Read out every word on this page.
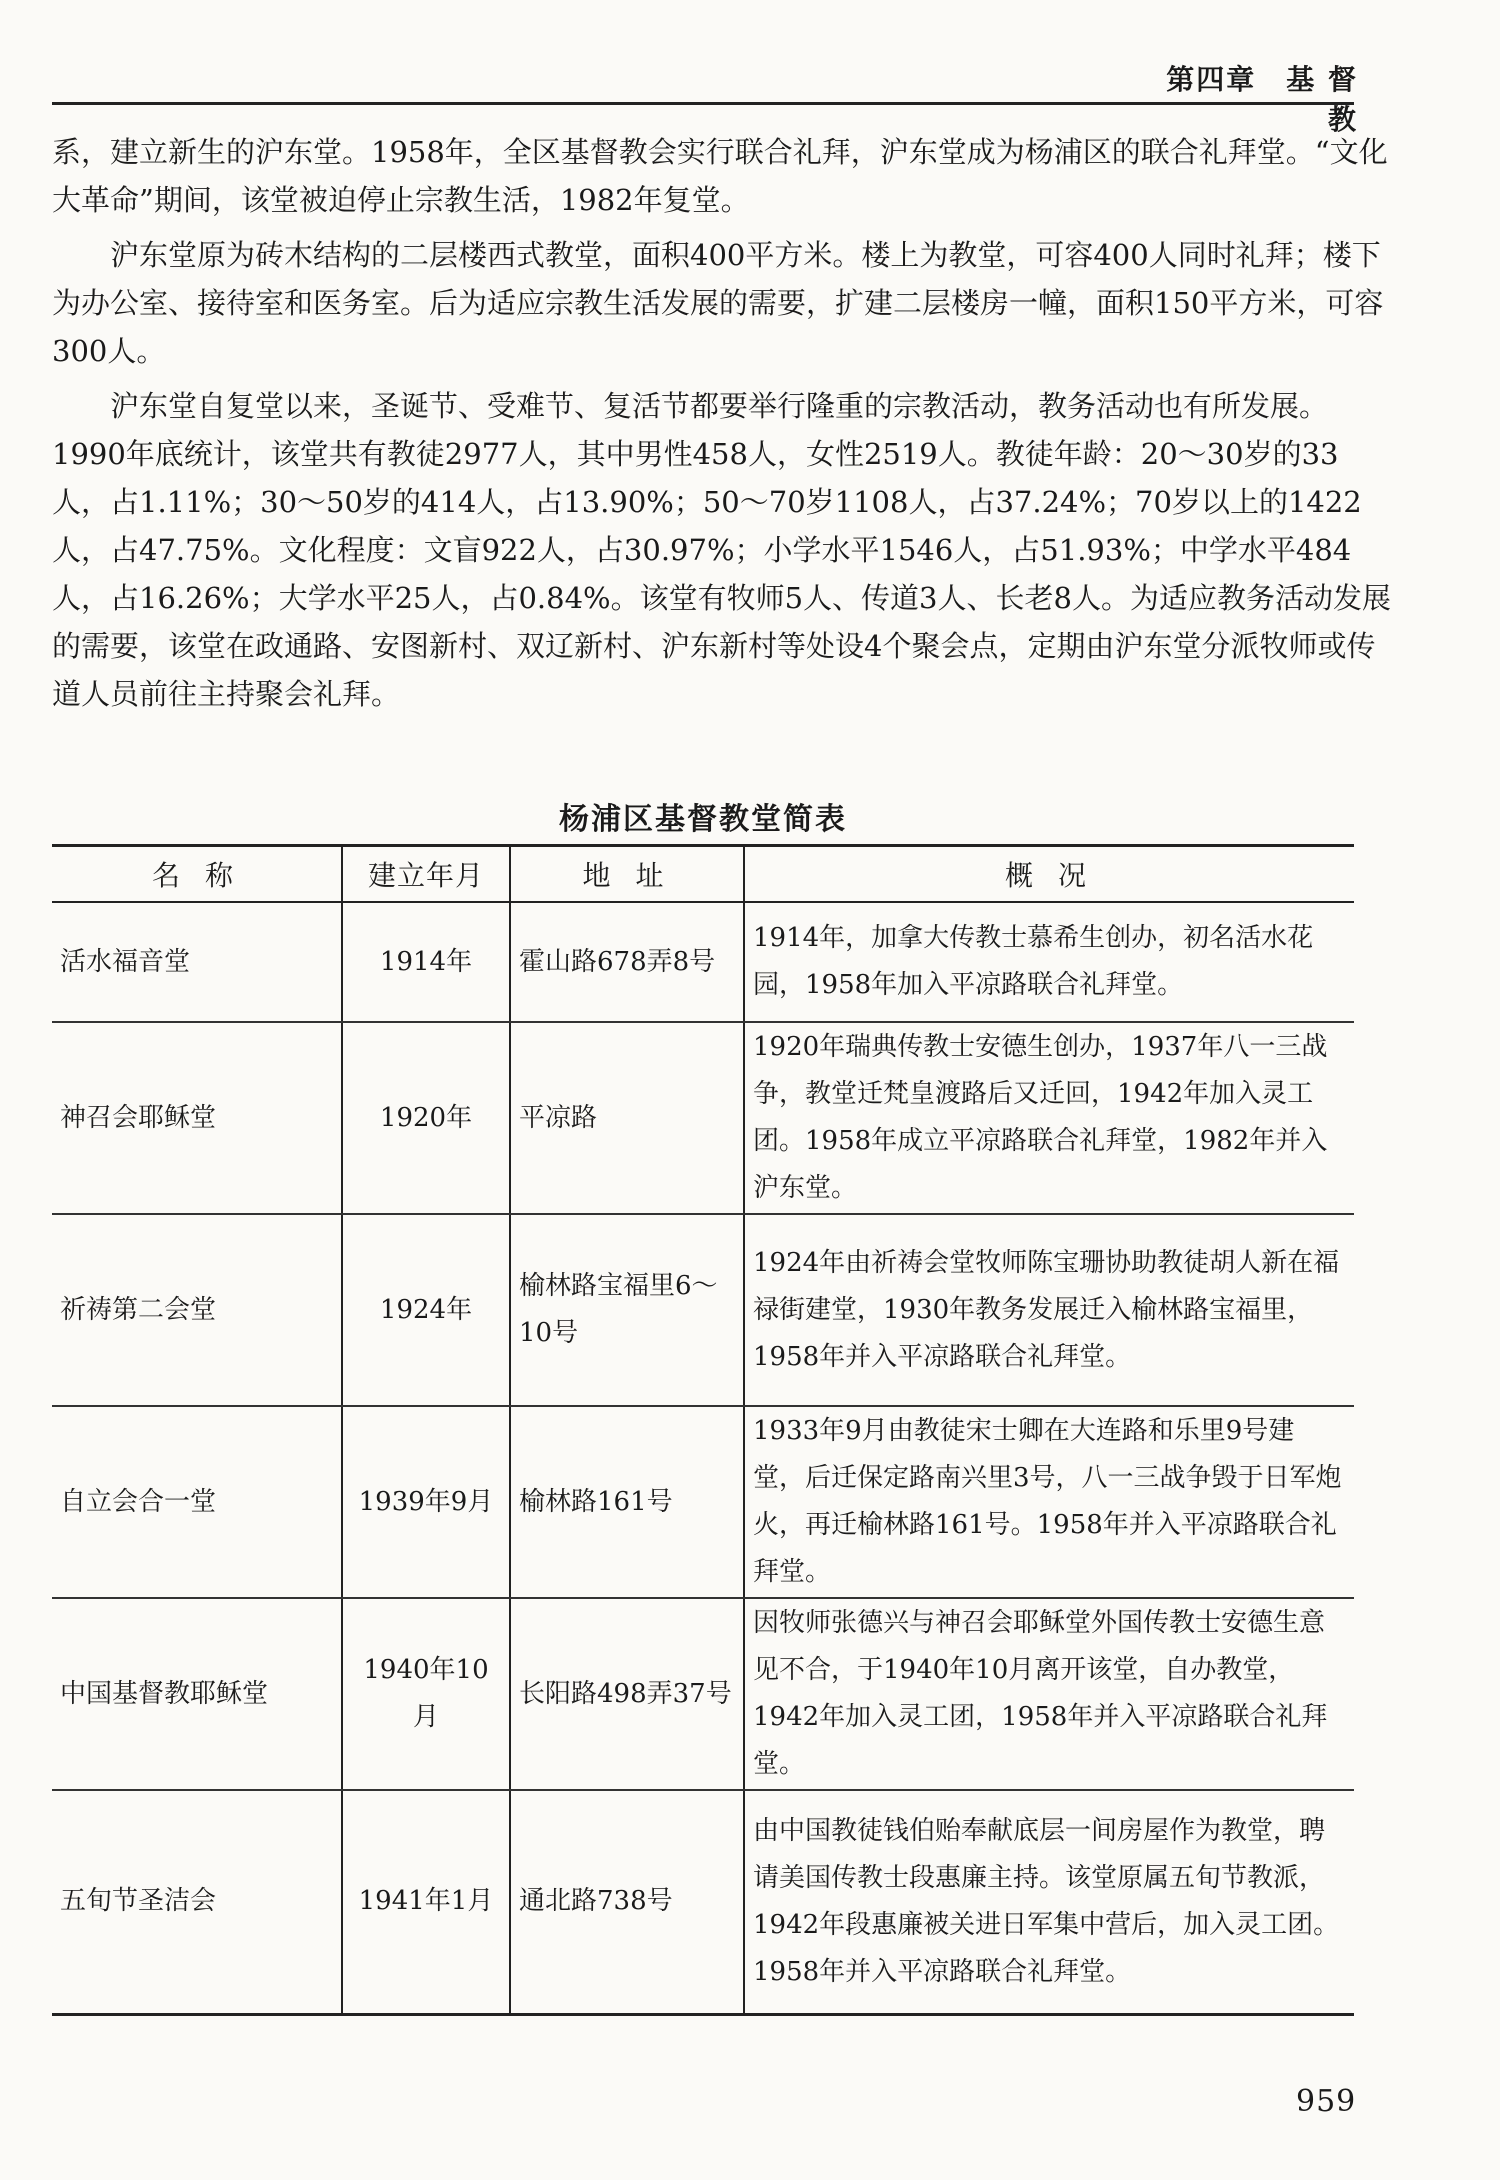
第四章　基 督 教

系，建立新生的沪东堂。1958年，全区基督教会实行联合礼拜，沪东堂成为杨浦区的联合礼拜堂。“文化大革命”期间，该堂被迫停止宗教生活，1982年复堂。

沪东堂原为砖木结构的二层楼西式教堂，面积400平方米。楼上为教堂，可容400人同时礼拜；楼下为办公室、接待室和医务室。后为适应宗教生活发展的需要，扩建二层楼房一幢，面积150平方米，可容300人。

沪东堂自复堂以来，圣诞节、受难节、复活节都要举行隆重的宗教活动，教务活动也有所发展。1990年底统计，该堂共有教徒2977人，其中男性458人，女性2519人。教徒年龄：20～30岁的33人，占1.11%；30～50岁的414人，占13.90%；50～70岁1108人，占37.24%；70岁以上的1422人，占47.75%。文化程度：文盲922人，占30.97%；小学水平1546人，占51.93%；中学水平484人，占16.26%；大学水平25人，占0.84%。该堂有牧师5人、传道3人、长老8人。为适应教务活动发展的需要，该堂在政通路、安图新村、双辽新村、沪东新村等处设4个聚会点，定期由沪东堂分派牧师或传道人员前往主持聚会礼拜。

杨浦区基督教堂简表
名 称	建立年月	地 址	概 况
活水福音堂	1914年	霍山路678弄8号	1914年，加拿大传教士慕希生创办，初名活水花园，1958年加入平凉路联合礼拜堂。
神召会耶稣堂	1920年	平凉路	1920年瑞典传教士安德生创办，1937年八一三战争，教堂迁梵皇渡路后又迁回，1942年加入灵工团。1958年成立平凉路联合礼拜堂，1982年并入沪东堂。
祈祷第二会堂	1924年	榆林路宝福里6～10号	1924年由祈祷会堂牧师陈宝珊协助教徒胡人新在福禄街建堂，1930年教务发展迁入榆林路宝福里，1958年并入平凉路联合礼拜堂。
自立会合一堂	1939年9月	榆林路161号	1933年9月由教徒宋士卿在大连路和乐里9号建堂，后迁保定路南兴里3号，八一三战争毁于日军炮火，再迁榆林路161号。1958年并入平凉路联合礼拜堂。
中国基督教耶稣堂	1940年10月	长阳路498弄37号	因牧师张德兴与神召会耶稣堂外国传教士安德生意见不合，于1940年10月离开该堂，自办教堂，1942年加入灵工团，1958年并入平凉路联合礼拜堂。
五旬节圣洁会	1941年1月	通北路738号	由中国教徒钱伯贻奉献底层一间房屋作为教堂，聘请美国传教士段惠廉主持。该堂原属五旬节教派，1942年段惠廉被关进日军集中营后，加入灵工团。1958年并入平凉路联合礼拜堂。
959
